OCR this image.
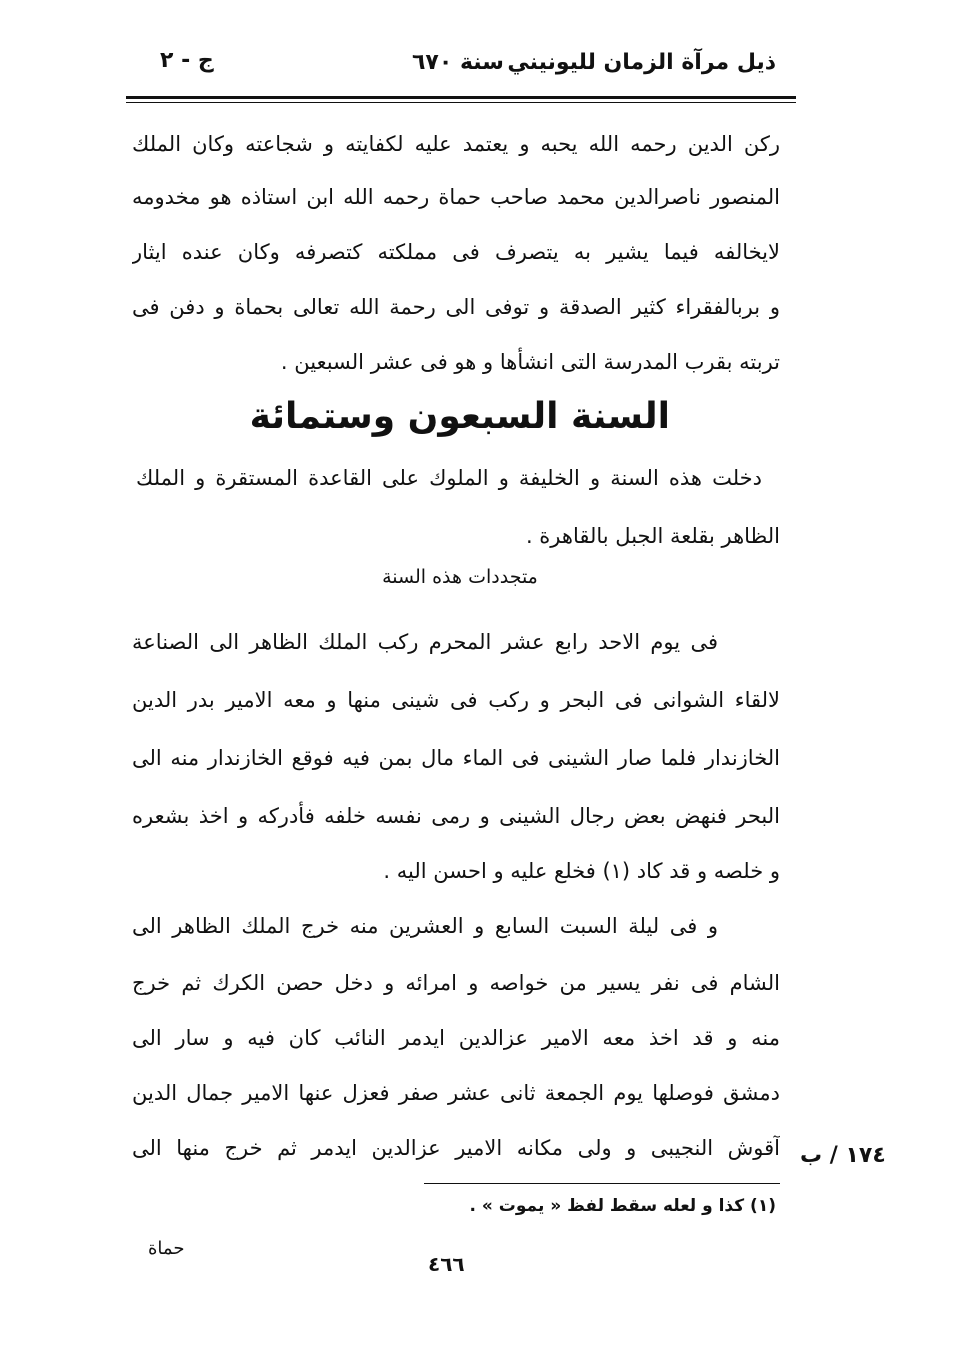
ذيل مرآة الزمان لليونيني
سنة ٦٧٠
ج - ٢
ركن الدين رحمه الله يحبه و يعتمد عليه لكفايته و شجاعته وكان الملك
المنصور ناصرالدين محمد صاحب حماة رحمه الله ابن استاذه هو مخدومه
لايخالفه فيما يشير به يتصرف فى مملكته كتصرفه وكان عنده ايثار
و بربالفقراء كثير الصدقة و توفى الى رحمة الله تعالى بحماة و دفن فى
تربته بقرب المدرسة التى انشأها و هو فى عشر السبعين .
السنة السبعون وستمائة
دخلت هذه السنة و الخليفة و الملوك على القاعدة المستقرة و الملك
الظاهر بقلعة الجبل بالقاهرة .
متجددات هذه السنة
فى يوم الاحد رابع عشر المحرم ركب الملك الظاهر الى الصناعة
لالقاء الشوانى فى البحر و ركب فى شينى منها و معه الامير بدر الدين
الخازندار فلما صار الشينى فى الماء مال بمن فيه فوقع الخازندار منه الى
البحر فنهض بعض رجال الشينى و رمى نفسه خلفه فأدركه و اخذ بشعره
و خلصه و قد كاد (١) فخلع عليه و احسن اليه .
و فى ليلة السبت السابع و العشرين منه خرج الملك الظاهر الى
الشام فى نفر يسير من خواصه و امرائه و دخل حصن الكرك ثم خرج
منه و قد اخذ معه الامير عزالدين ايدمر النائب كان فيه و سار الى
دمشق فوصلها يوم الجمعة ثانى عشر صفر فعزل عنها الامير جمال الدين
آقوش النجيبى و ولى مكانه الامير عزالدين ايدمر ثم خرج منها الى ١٧٤ / ب
(١) كذا و لعله سقط لفظ « يموت » .
حماة
٤٦٦
